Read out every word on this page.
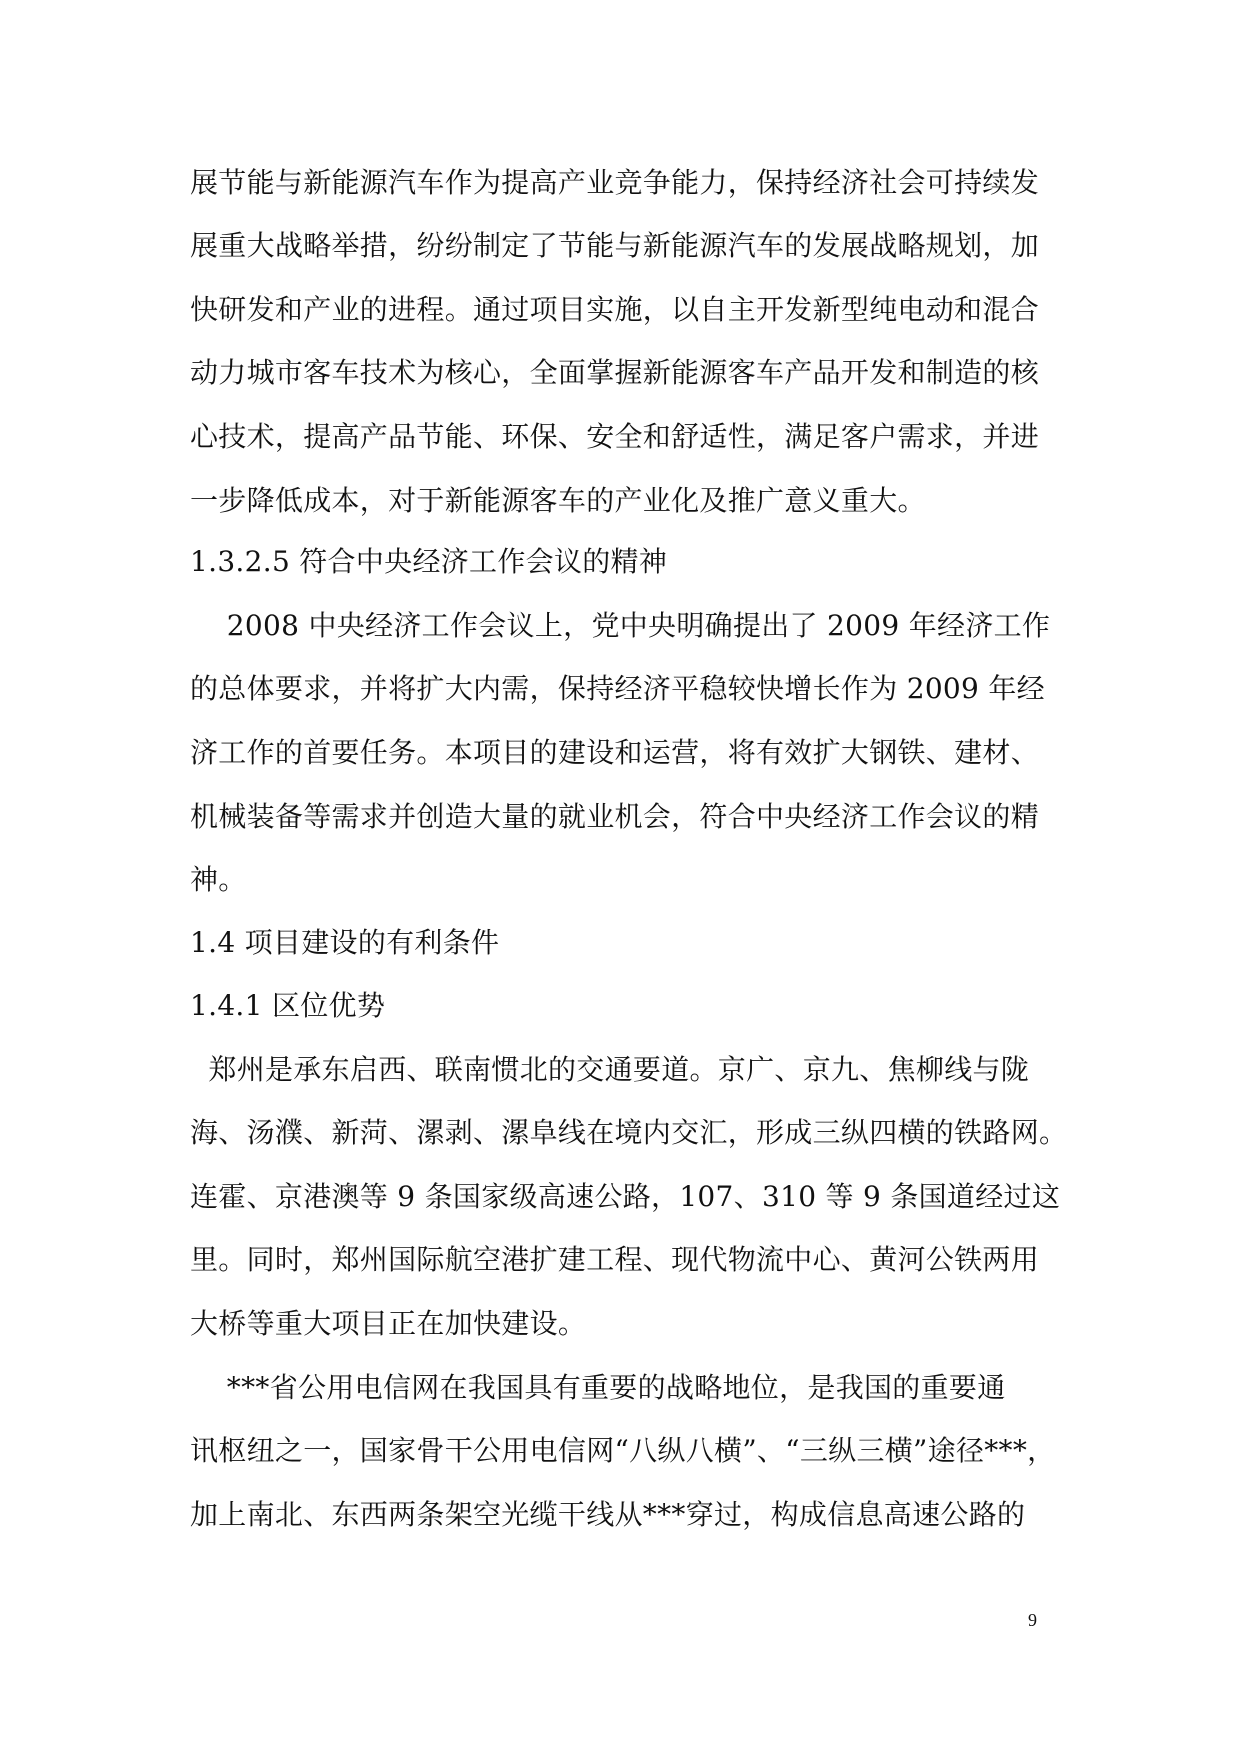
展节能与新能源汽车作为提高产业竞争能力，保持经济社会可持续发
展重大战略举措，纷纷制定了节能与新能源汽车的发展战略规划，加
快研发和产业的进程。通过项目实施，以自主开发新型纯电动和混合
动力城市客车技术为核心，全面掌握新能源客车产品开发和制造的核
心技术，提高产品节能、环保、安全和舒适性，满足客户需求，并进
一步降低成本，对于新能源客车的产业化及推广意义重大。
1.3.2.5 符合中央经济工作会议的精神
2008 中央经济工作会议上，党中央明确提出了 2009 年经济工作
的总体要求，并将扩大内需，保持经济平稳较快增长作为 2009 年经
济工作的首要任务。本项目的建设和运营，将有效扩大钢铁、建材、
机械装备等需求并创造大量的就业机会，符合中央经济工作会议的精
神。
1.4 项目建设的有利条件
1.4.1 区位优势
郑州是承东启西、联南惯北的交通要道。京广、京九、焦柳线与陇
海、汤濮、新菏、漯剥、漯阜线在境内交汇，形成三纵四横的铁路网。
连霍、京港澳等 9 条国家级高速公路，107、310 等 9 条国道经过这
里。同时，郑州国际航空港扩建工程、现代物流中心、黄河公铁两用
大桥等重大项目正在加快建设。
***省公用电信网在我国具有重要的战略地位，是我国的重要通
讯枢纽之一，国家骨干公用电信网“八纵八横”、“三纵三横”途径***，
加上南北、东西两条架空光缆干线从***穿过，构成信息高速公路的
9
